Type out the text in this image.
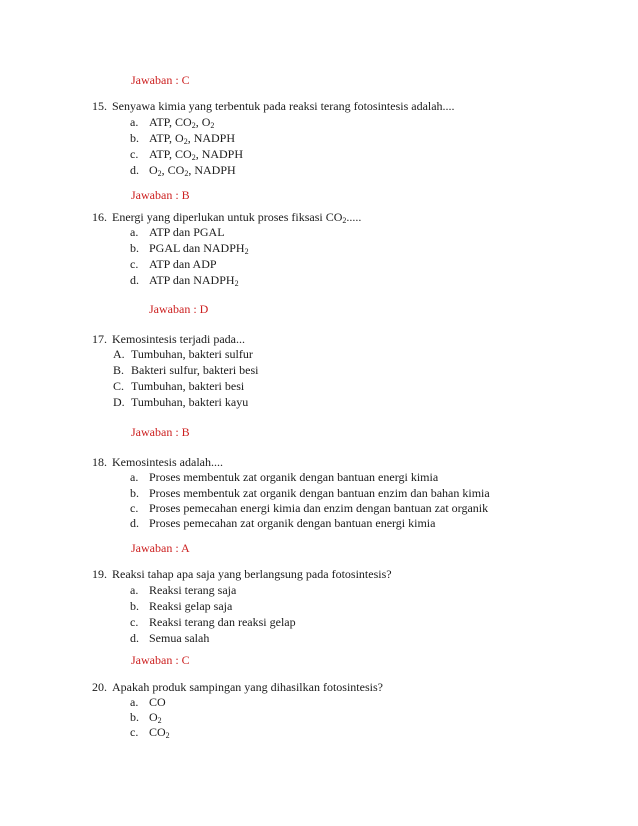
Jawaban : C
15. Senyawa kimia yang terbentuk pada reaksi terang fotosintesis adalah....
a. ATP, $CO_2$, $O_2$
b. ATP, $O_2$, NADPH
c. ATP, $CO_2$, NADPH
d. $O_2$, $CO_2$, NADPH
Jawaban : B
16. Energi yang diperlukan untuk proses fiksasi $CO_2$.....
a. ATP dan PGAL
b. PGAL dan $NADPH_2$
c. ATP dan ADP
d. ATP dan $NADPH_2$
Jawaban : D
17. Kemosintesis terjadi pada...
A. Tumbuhan, bakteri sulfur
B. Bakteri sulfur, bakteri besi
C. Tumbuhan, bakteri besi
D. Tumbuhan, bakteri kayu
Jawaban : B
18. Kemosintesis adalah....
a. Proses membentuk zat organik dengan bantuan energi kimia
b. Proses membentuk zat organik dengan bantuan enzim dan bahan kimia
c. Proses pemecahan energi kimia dan enzim dengan bantuan zat organik
d. Proses pemecahan zat organik dengan bantuan energi kimia
Jawaban : A
19. Reaksi tahap apa saja yang berlangsung pada fotosintesis?
a. Reaksi terang saja
b. Reaksi gelap saja
c. Reaksi terang dan reaksi gelap
d. Semua salah
Jawaban : C
20. Apakah produk sampingan yang dihasilkan fotosintesis?
a. CO
b. $O_2$
c. $CO_2$
